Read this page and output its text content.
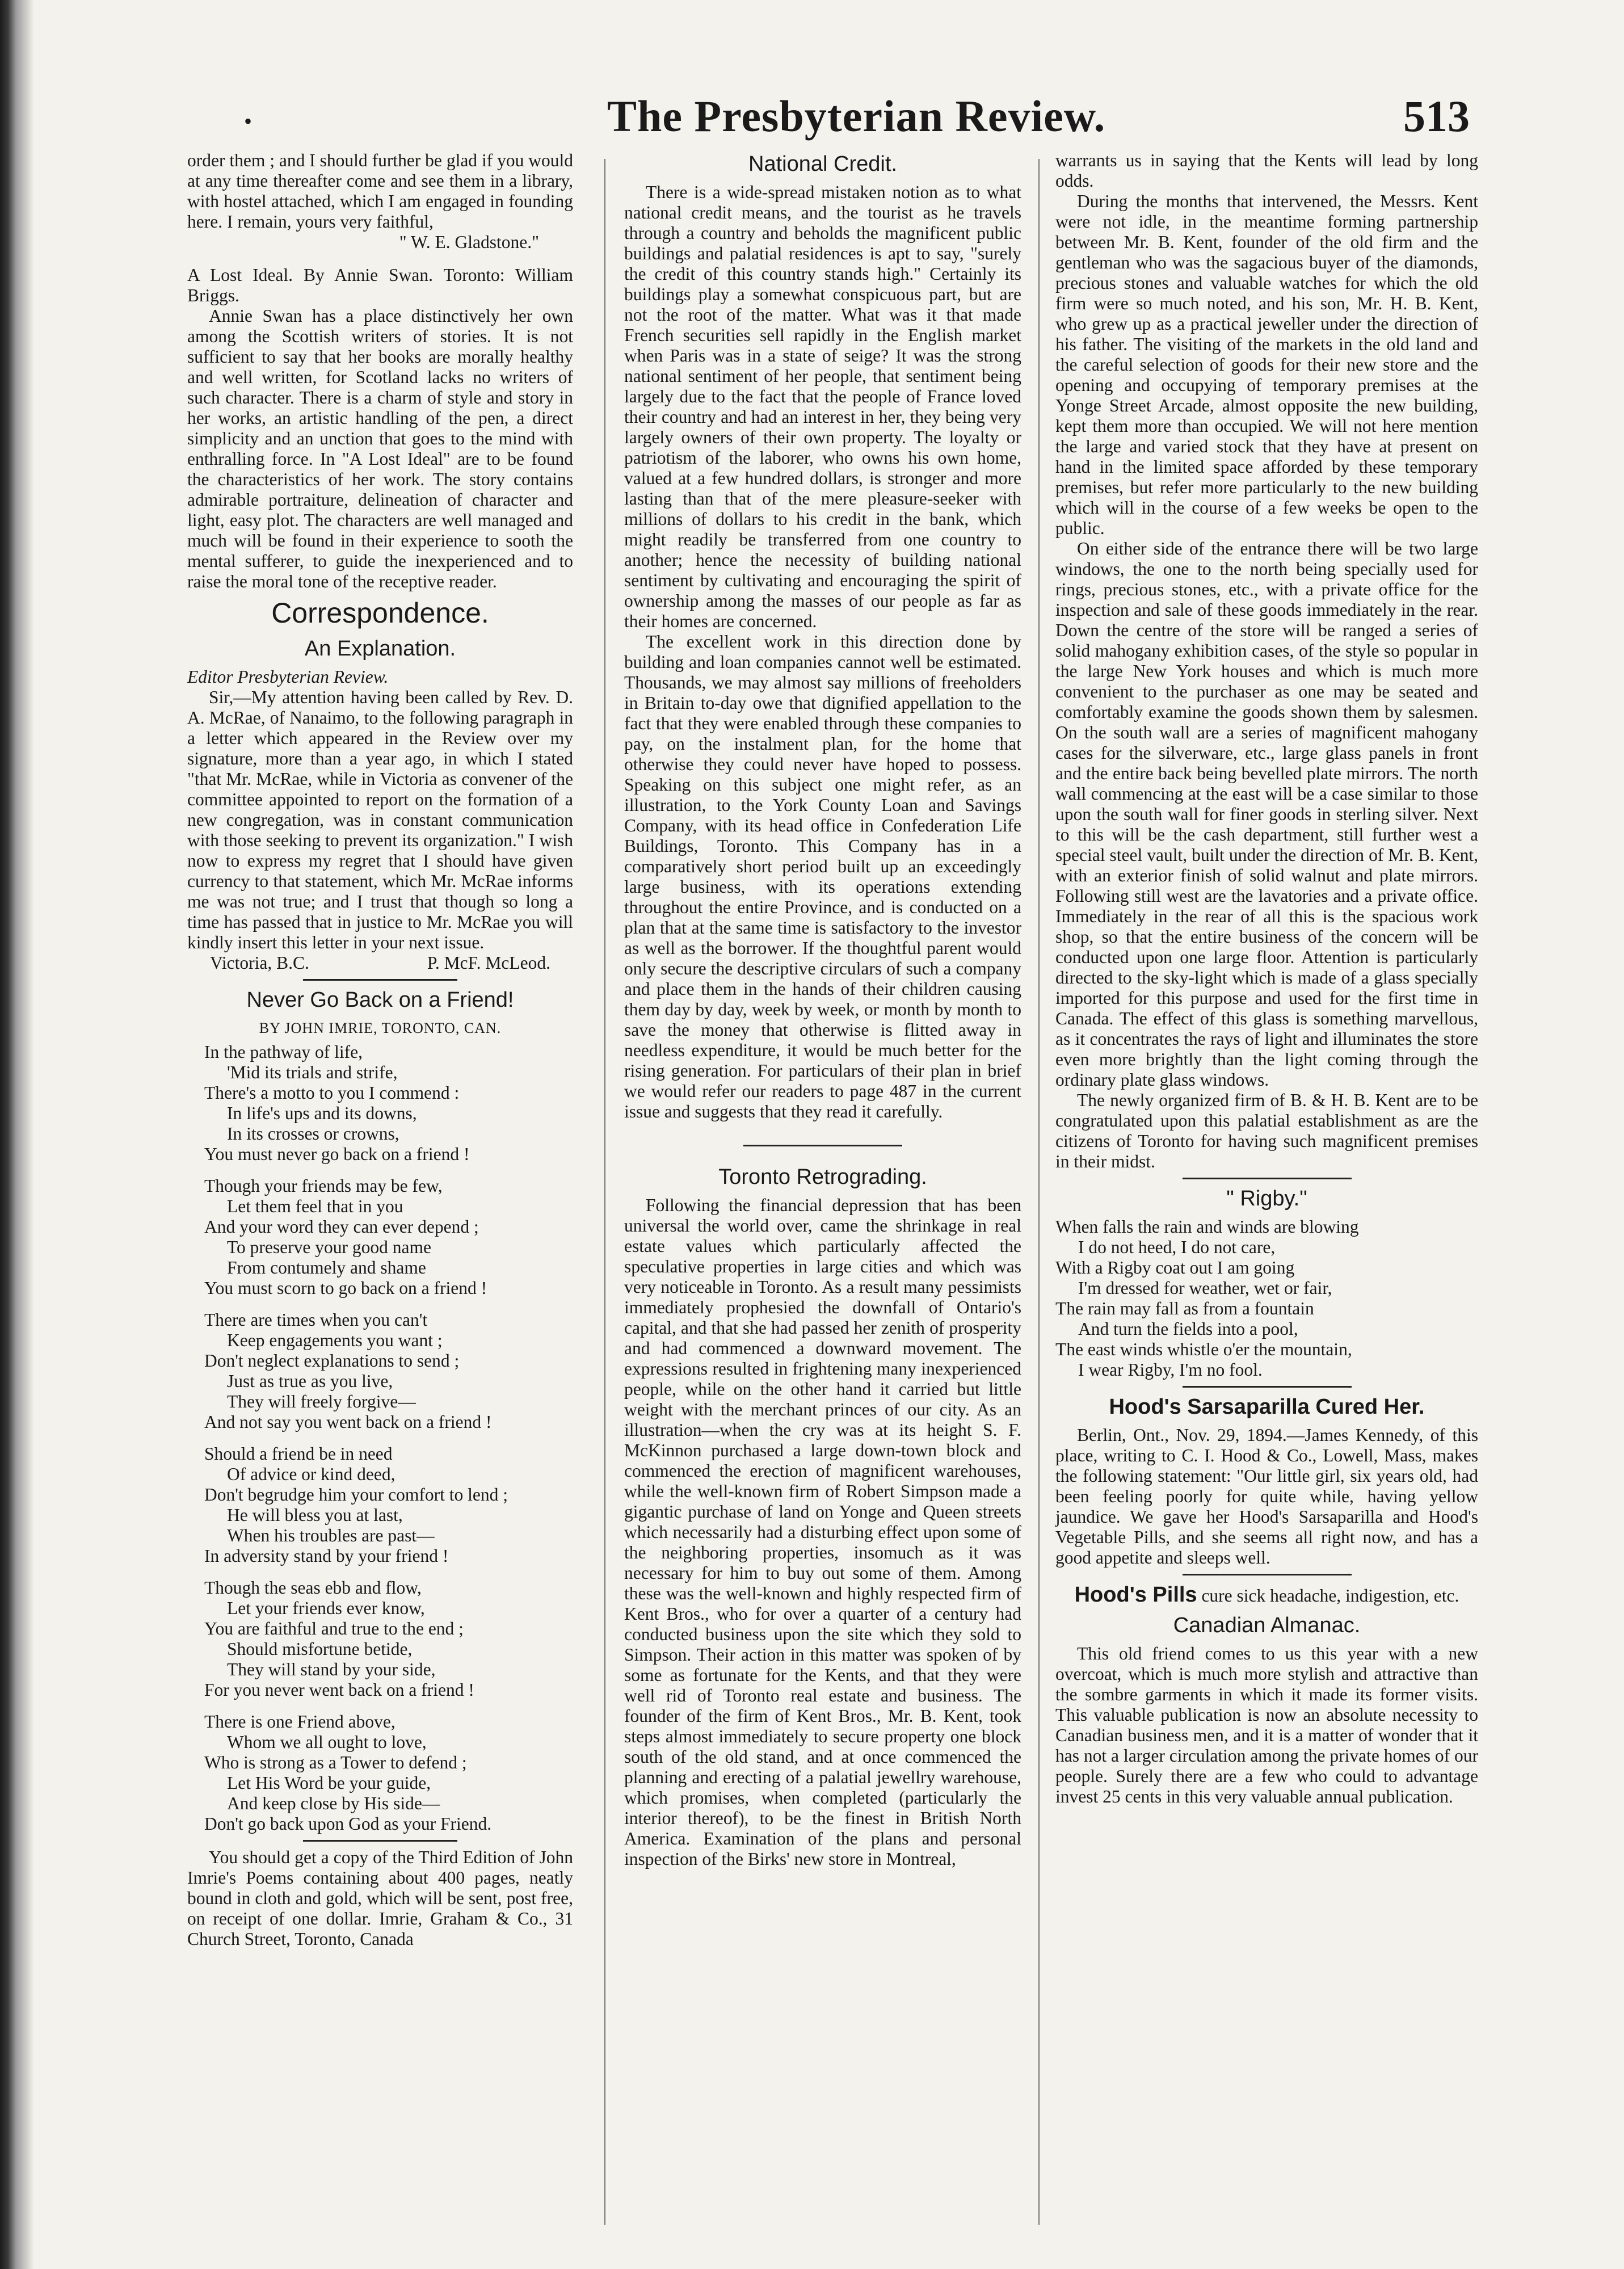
•	The Presbyterian Review.	513

order them ; and I should further be glad if you would at any time thereafter come and see them in a library, with hostel attached, which I am engaged in founding here. I remain, yours very faithful,

" W. E. Gladstone."

A Lost Ideal. By Annie Swan. Toronto: William Briggs.

Annie Swan has a place distinctively her own among the Scottish writers of stories. It is not sufficient to say that her books are morally healthy and well written, for Scotland lacks no writers of such character. There is a charm of style and story in her works, an artistic handling of the pen, a direct simplicity and an unction that goes to the mind with enthralling force. In "A Lost Ideal" are to be found the characteristics of her work. The story contains admirable portraiture, delineation of character and light, easy plot. The characters are well managed and much will be found in their experience to sooth the mental sufferer, to guide the inexperienced and to raise the moral tone of the receptive reader.

Correspondence.
An Explanation.

Editor Presbyterian Review.

Sir,—My attention having been called by Rev. D. A. McRae, of Nanaimo, to the following paragraph in a letter which appeared in the Review over my signature, more than a year ago, in which I stated "that Mr. McRae, while in Victoria as convener of the committee appointed to report on the formation of a new congregation, was in constant communication with those seeking to prevent its organization." I wish now to express my regret that I should have given currency to that statement, which Mr. McRae informs me was not true; and I trust that though so long a time has passed that in justice to Mr. McRae you will kindly insert this letter in your next issue.

Victoria, B.C.	P. McF. McLeod.
Never Go Back on a Friend!
BY JOHN IMRIE, TORONTO, CAN.
In the pathway of life,
'Mid its trials and strife,
There's a motto to you I commend :
In life's ups and its downs,
In its crosses or crowns,
You must never go back on a friend !
Though your friends may be few,
Let them feel that in you
And your word they can ever depend ;
To preserve your good name
From contumely and shame
You must scorn to go back on a friend !
There are times when you can't
Keep engagements you want ;
Don't neglect explanations to send ;
Just as true as you live,
They will freely forgive—
And not say you went back on a friend !
Should a friend be in need
Of advice or kind deed,
Don't begrudge him your comfort to lend ;
He will bless you at last,
When his troubles are past—
In adversity stand by your friend !
Though the seas ebb and flow,
Let your friends ever know,
You are faithful and true to the end ;
Should misfortune betide,
They will stand by your side,
For you never went back on a friend !
There is one Friend above,
Whom we all ought to love,
Who is strong as a Tower to defend ;
Let His Word be your guide,
And keep close by His side—
Don't go back upon God as your Friend.

You should get a copy of the Third Edition of John Imrie's Poems containing about 400 pages, neatly bound in cloth and gold, which will be sent, post free, on receipt of one dollar. Imrie, Graham & Co., 31 Church Street, Toronto, Canada

National Credit.

There is a wide-spread mistaken notion as to what national credit means, and the tourist as he travels through a country and beholds the magnificent public buildings and palatial residences is apt to say, "surely the credit of this country stands high." Certainly its buildings play a somewhat conspicuous part, but are not the root of the matter. What was it that made French securities sell rapidly in the English market when Paris was in a state of seige? It was the strong national sentiment of her people, that sentiment being largely due to the fact that the people of France loved their country and had an interest in her, they being very largely owners of their own property. The loyalty or patriotism of the laborer, who owns his own home, valued at a few hundred dollars, is stronger and more lasting than that of the mere pleasure-seeker with millions of dollars to his credit in the bank, which might readily be transferred from one country to another; hence the necessity of building national sentiment by cultivating and encouraging the spirit of ownership among the masses of our people as far as their homes are concerned.

The excellent work in this direction done by building and loan companies cannot well be estimated. Thousands, we may almost say millions of freeholders in Britain to-day owe that dignified appellation to the fact that they were enabled through these companies to pay, on the instalment plan, for the home that otherwise they could never have hoped to possess. Speaking on this subject one might refer, as an illustration, to the York County Loan and Savings Company, with its head office in Confederation Life Buildings, Toronto. This Company has in a comparatively short period built up an exceedingly large business, with its operations extending throughout the entire Province, and is conducted on a plan that at the same time is satisfactory to the investor as well as the borrower. If the thoughtful parent would only secure the descriptive circulars of such a company and place them in the hands of their children causing them day by day, week by week, or month by month to save the money that otherwise is flitted away in needless expenditure, it would be much better for the rising generation. For particulars of their plan in brief we would refer our readers to page 487 in the current issue and suggests that they read it carefully.

Toronto Retrograding.

Following the financial depression that has been universal the world over, came the shrinkage in real estate values which particularly affected the speculative properties in large cities and which was very noticeable in Toronto. As a result many pessimists immediately prophesied the downfall of Ontario's capital, and that she had passed her zenith of prosperity and had commenced a downward movement. The expressions resulted in frightening many inexperienced people, while on the other hand it carried but little weight with the merchant princes of our city. As an illustration—when the cry was at its height S. F. McKinnon purchased a large down-town block and commenced the erection of magnificent warehouses, while the well-known firm of Robert Simpson made a gigantic purchase of land on Yonge and Queen streets which necessarily had a disturbing effect upon some of the neighboring properties, insomuch as it was necessary for him to buy out some of them. Among these was the well-known and highly respected firm of Kent Bros., who for over a quarter of a century had conducted business upon the site which they sold to Simpson. Their action in this matter was spoken of by some as fortunate for the Kents, and that they were well rid of Toronto real estate and business. The founder of the firm of Kent Bros., Mr. B. Kent, took steps almost immediately to secure property one block south of the old stand, and at once commenced the planning and erecting of a palatial jewellry warehouse, which promises, when completed (particularly the interior thereof), to be the finest in British North America. Examination of the plans and personal inspection of the Birks' new store in Montreal,

warrants us in saying that the Kents will lead by long odds.

During the months that intervened, the Messrs. Kent were not idle, in the meantime forming partnership between Mr. B. Kent, founder of the old firm and the gentleman who was the sagacious buyer of the diamonds, precious stones and valuable watches for which the old firm were so much noted, and his son, Mr. H. B. Kent, who grew up as a practical jeweller under the direction of his father. The visiting of the markets in the old land and the careful selection of goods for their new store and the opening and occupying of temporary premises at the Yonge Street Arcade, almost opposite the new building, kept them more than occupied. We will not here mention the large and varied stock that they have at present on hand in the limited space afforded by these temporary premises, but refer more particularly to the new building which will in the course of a few weeks be open to the public.

On either side of the entrance there will be two large windows, the one to the north being specially used for rings, precious stones, etc., with a private office for the inspection and sale of these goods immediately in the rear. Down the centre of the store will be ranged a series of solid mahogany exhibition cases, of the style so popular in the large New York houses and which is much more convenient to the purchaser as one may be seated and comfortably examine the goods shown them by salesmen. On the south wall are a series of magnificent mahogany cases for the silverware, etc., large glass panels in front and the entire back being bevelled plate mirrors. The north wall commencing at the east will be a case similar to those upon the south wall for finer goods in sterling silver. Next to this will be the cash department, still further west a special steel vault, built under the direction of Mr. B. Kent, with an exterior finish of solid walnut and plate mirrors. Following still west are the lavatories and a private office. Immediately in the rear of all this is the spacious work shop, so that the entire business of the concern will be conducted upon one large floor. Attention is particularly directed to the sky-light which is made of a glass specially imported for this purpose and used for the first time in Canada. The effect of this glass is something marvellous, as it concentrates the rays of light and illuminates the store even more brightly than the light coming through the ordinary plate glass windows.

The newly organized firm of B. & H. B. Kent are to be congratulated upon this palatial establishment as are the citizens of Toronto for having such magnificent premises in their midst.

" Rigby."
When falls the rain and winds are blowing
I do not heed, I do not care,
With a Rigby coat out I am going
I'm dressed for weather, wet or fair,
The rain may fall as from a fountain
And turn the fields into a pool,
The east winds whistle o'er the mountain,
I wear Rigby, I'm no fool.
Hood's Sarsaparilla Cured Her.

Berlin, Ont., Nov. 29, 1894.—James Kennedy, of this place, writing to C. I. Hood & Co., Lowell, Mass, makes the following statement: "Our little girl, six years old, had been feeling poorly for quite while, having yellow jaundice. We gave her Hood's Sarsaparilla and Hood's Vegetable Pills, and she seems all right now, and has a good appetite and sleeps well.

Hood's Pills cure sick headache, indigestion, etc.

Canadian Almanac.

This old friend comes to us this year with a new overcoat, which is much more stylish and attractive than the sombre garments in which it made its former visits. This valuable publication is now an absolute necessity to Canadian business men, and it is a matter of wonder that it has not a larger circulation among the private homes of our people. Surely there are a few who could to advantage invest 25 cents in this very valuable annual publication.
